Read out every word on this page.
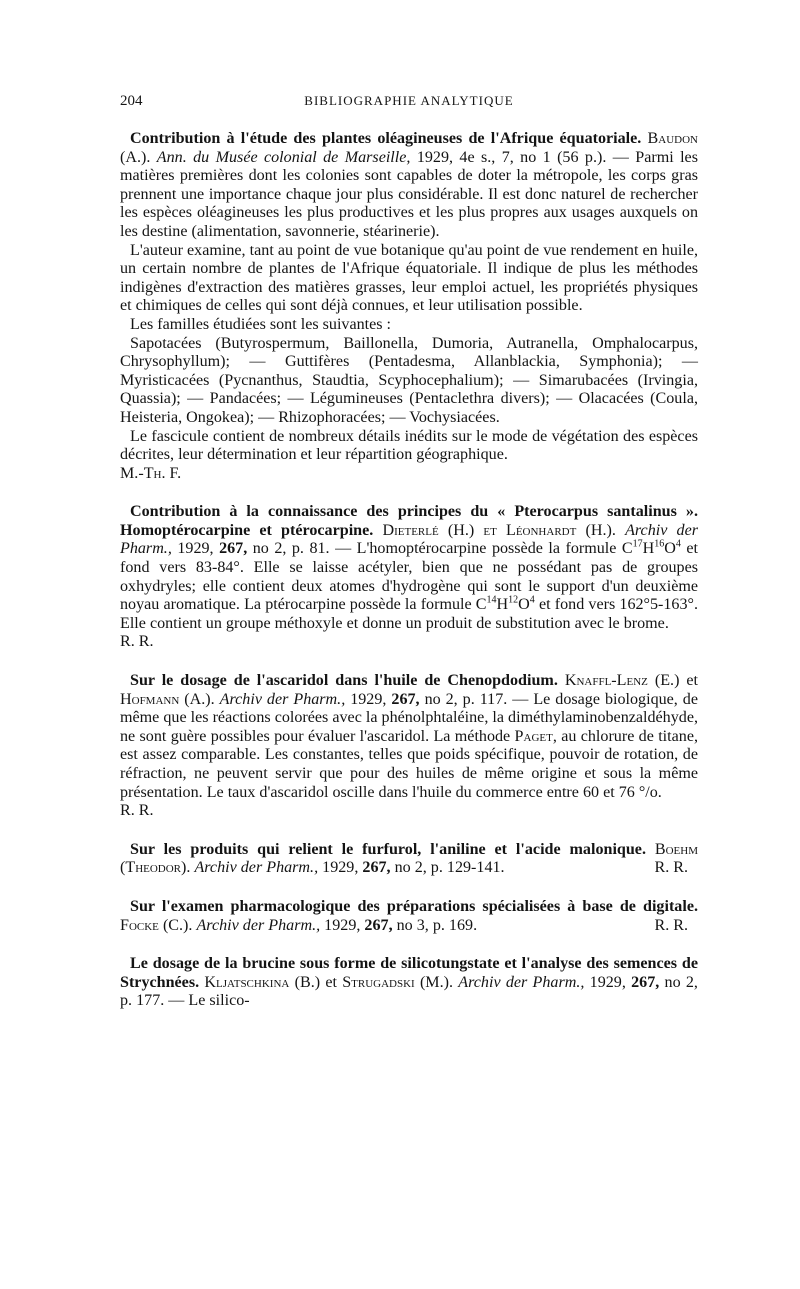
204	BIBLIOGRAPHIE ANALYTIQUE

Contribution à l'étude des plantes oléagineuses de l'Afrique équatoriale. Baudon (A.). Ann. du Musée colonial de Marseille, 1929, 4e s., 7, no 1 (56 p.). — Parmi les matières premières dont les colonies sont capables de doter la métropole, les corps gras prennent une importance chaque jour plus considérable. Il est donc naturel de rechercher les espèces oléagineuses les plus productives et les plus propres aux usages auxquels on les destine (alimentation, savonnerie, stéarinerie).

L'auteur examine, tant au point de vue botanique qu'au point de vue rendement en huile, un certain nombre de plantes de l'Afrique équatoriale. Il indique de plus les méthodes indigènes d'extraction des matières grasses, leur emploi actuel, les propriétés physiques et chimiques de celles qui sont déjà connues, et leur utilisation possible.

Les familles étudiées sont les suivantes :

Sapotacées (Butyrospermum, Baillonella, Dumoria, Autranella, Omphalocarpus, Chrysophyllum); — Guttifères (Pentadesma, Allanblackia, Symphonia); — Myristicacées (Pycnanthus, Staudtia, Scyphocephalium); — Simarubacées (Irvingia, Quassia); — Pandacées; — Légumineuses (Pentaclethra divers); — Olacacées (Coula, Heisteria, Ongokea); — Rhizophoracées; — Vochysiacées.

Le fascicule contient de nombreux détails inédits sur le mode de végétation des espèces décrites, leur détermination et leur répartition géographique.

M.-Th. F.

Contribution à la connaissance des principes du « Pterocarpus santalinus ». Homoptérocarpine et ptérocarpine. Dieterlé (H.) et Léonhardt (H.). Archiv der Pharm., 1929, 267, no 2, p. 81. — L'homoptérocarpine possède la formule $C^{17}H^{16}O^4$ et fond vers 83-84°. Elle se laisse acétyler, bien que ne possédant pas de groupes oxhydryles; elle contient deux atomes d'hydrogène qui sont le support d'un deuxième noyau aromatique. La ptérocarpine possède la formule $C^{14}H^{12}O^4$ et fond vers 162°5-163°. Elle contient un groupe méthoxyle et donne un produit de substitution avec le brome.

R. R.

Sur le dosage de l'ascaridol dans l'huile de Chenopdodium. Knaffl-Lenz (E.) et Hofmann (A.). Archiv der Pharm., 1929, 267, no 2, p. 117. — Le dosage biologique, de même que les réactions colorées avec la phénolphtaléine, la diméthylaminobenzaldéhyde, ne sont guère possibles pour évaluer l'ascaridol. La méthode Paget, au chlorure de titane, est assez comparable. Les constantes, telles que poids spécifique, pouvoir de rotation, de réfraction, ne peuvent servir que pour des huiles de même origine et sous la même présentation. Le taux d'ascaridol oscille dans l'huile du commerce entre 60 et 76 °/o.

R. R.

Sur les produits qui relient le furfurol, l'aniline et l'acide malonique. Boehm (Theodor). Archiv der Pharm., 1929, 267, no 2, p. 129-141.	R. R.

Sur l'examen pharmacologique des préparations spécialisées à base de digitale. Focke (C.). Archiv der Pharm., 1929, 267, no 3, p. 169.	R. R.

Le dosage de la brucine sous forme de silicotungstate et l'analyse des semences de Strychnées. Kljatschkina (B.) et Strugadski (M.). Archiv der Pharm., 1929, 267, no 2, p. 177. — Le silico-
